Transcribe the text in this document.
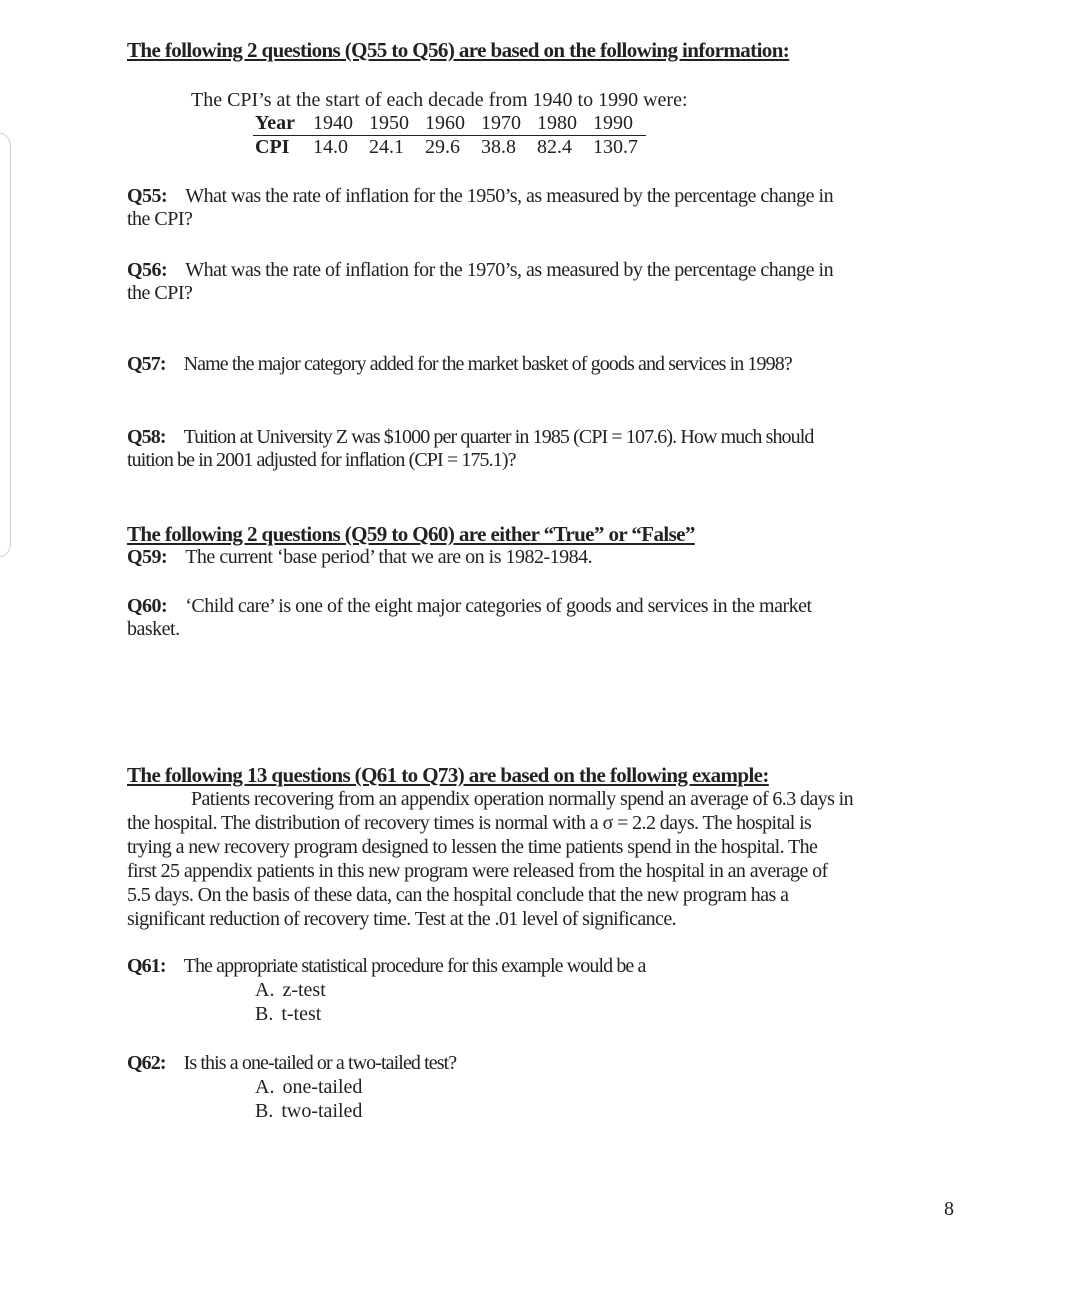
The following 2 questions (Q55 to Q56) are based on the following information:

The CPI’s at the start of each decade from 1940 to 1990 were:

Year	1940	1950	1960	1970	1980	1990
CPI	14.0	24.1	29.6	38.8	82.4	130.7

Q55: What was the rate of inflation for the 1950’s, as measured by the percentage change in
the CPI?

Q56: What was the rate of inflation for the 1970’s, as measured by the percentage change in
the CPI?

Q57: Name the major category added for the market basket of goods and services in 1998?

Q58: Tuition at University Z was $1000 per quarter in 1985 (CPI = 107.6). How much should
tuition be in 2001 adjusted for inflation (CPI = 175.1)?

The following 2 questions (Q59 to Q60) are either “True” or “False”

Q59: The current ‘base period’ that we are on is 1982-1984.

Q60: ‘Child care’ is one of the eight major categories of goods and services in the market
basket.

The following 13 questions (Q61 to Q73) are based on the following example:

Patients recovering from an appendix operation normally spend an average of 6.3 days in
the hospital. The distribution of recovery times is normal with a σ = 2.2 days. The hospital is
trying a new recovery program designed to lessen the time patients spend in the hospital. The
first 25 appendix patients in this new program were released from the hospital in an average of
5.5 days. On the basis of these data, can the hospital conclude that the new program has a
significant reduction of recovery time. Test at the .01 level of significance.

Q61: The appropriate statistical procedure for this example would be a

A. z-test
B. t-test

Q62: Is this a one-tailed or a two-tailed test?

A. one-tailed
B. two-tailed
8
